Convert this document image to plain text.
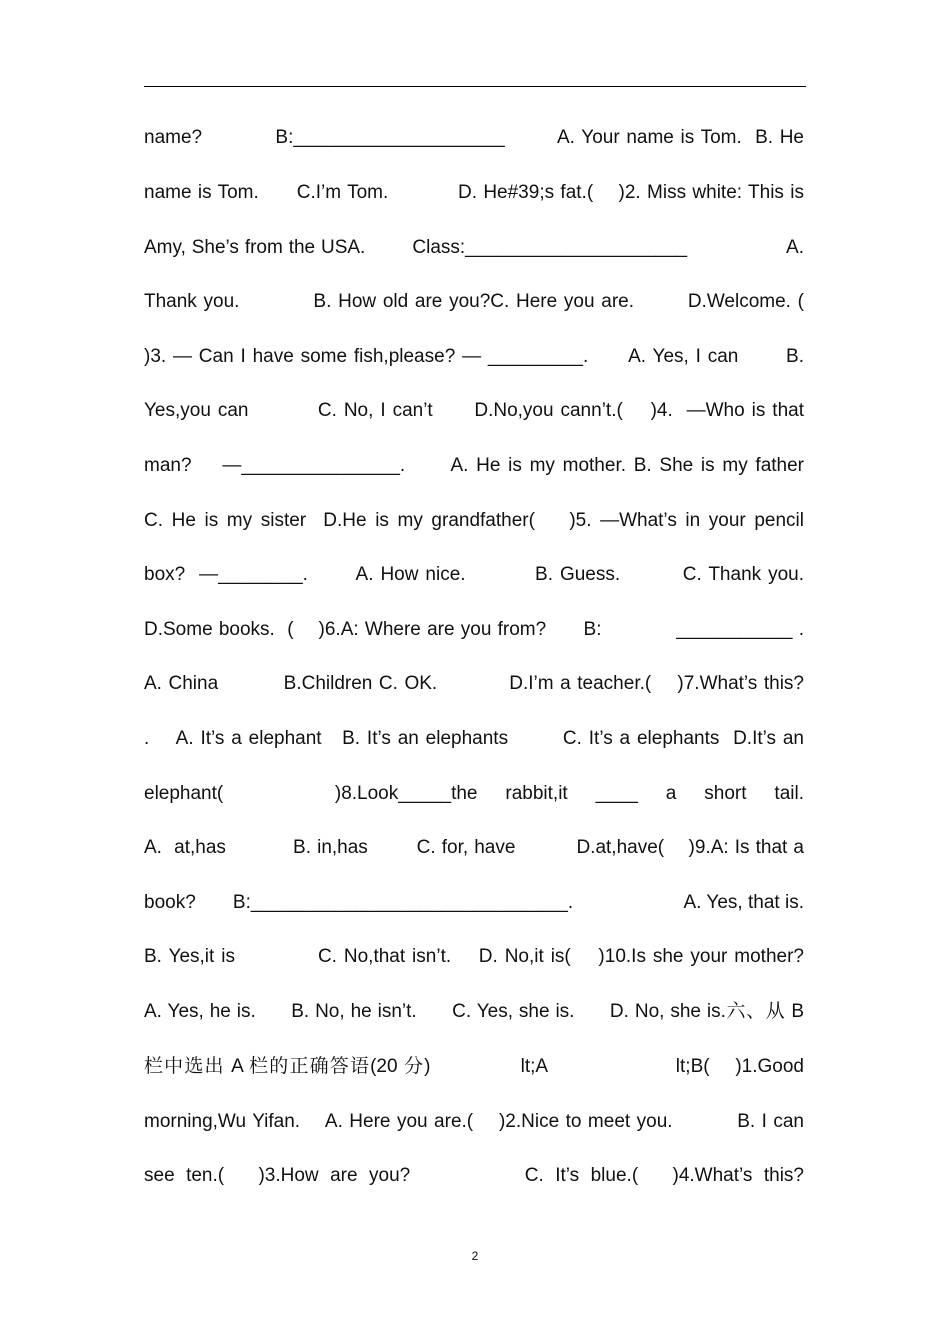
name?           B:____________________        A. Your name is Tom.  B. He
name is Tom.      C.I’m Tom.           D. He#39;s fat.(    )2. Miss white: This is
Amy, She’s from the USA.        Class:_____________________                 A.
Thank you.           B. How old are you?C. Here you are.        D.Welcome. (
)3. — Can I have some fish,please? — _________.      A. Yes, I can       B.
Yes,you can          C. No, I can’t      D.No,you cann’t.(    )4.  —Who is that
man?    —_______________.      A. He is my mother. B. She is my father
C. He is my sister  D.He is my grandfather(    )5. —What’s in your pencil
box?  —________.       A. How nice.          B. Guess.         C. Thank you.
D.Some books.  (    )6.A: Where are you from?      B:            ___________ .
A. China          B.Children C. OK.           D.I’m a teacher.(    )7.What’s this?
.    A. It’s a elephant   B. It’s an elephants        C. It’s a elephants  D.It’s an
elephant(                )8.Look_____the    rabbit,it    ____    a    short    tail.
A.  at,has           B. in,has        C. for, have          D.at,have(    )9.A: Is that a
book?       B:______________________________.                     A. Yes, that is.
B. Yes,it is            C. No,that isn’t.    D. No,it is(    )10.Is she your mother?
A. Yes, he is.      B. No, he isn’t.      C. Yes, she is.      D. No, she is.六、从 B
栏中选出 A 栏的正确答语(20 分)              lt;A                    lt;B(    )1.Good
morning,Wu Yifan.    A. Here you are.(    )2.Nice to meet you.          B. I can
see  ten.(      )3.How  are  you?                    C.  It’s  blue.(      )4.What’s  this?
2
